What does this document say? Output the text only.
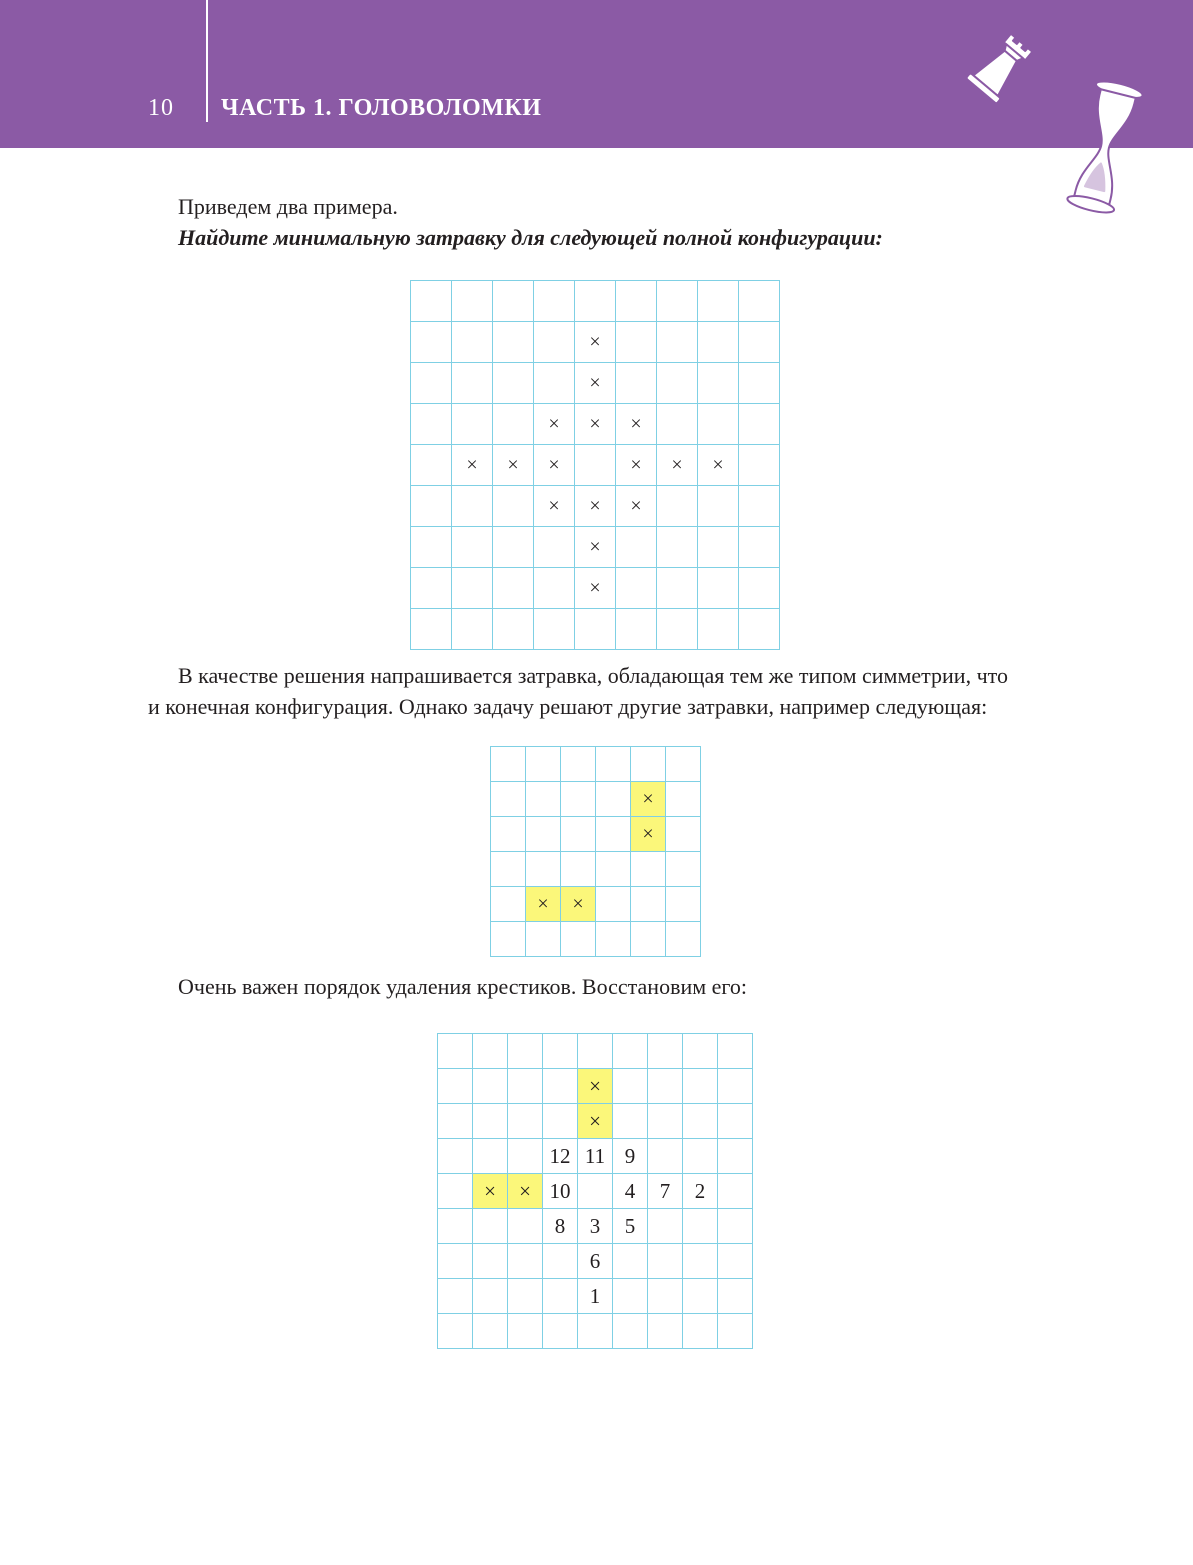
10 ЧАСТЬ 1. ГОЛОВОЛОМКИ

Приведем два примера.

Найдите минимальную затравку для следующей полной конфигурации:

				×				
				×				
			×	×	×			
	×	×	×		×	×	×	
			×	×	×			
				×				
				×				

В качестве решения напрашивается затравка, обладающая тем же типом симметрии, что

и конечная конфигурация. Однако задачу решают другие затравки, например следующая:

				×	
				×	

	×	×			

Очень важен порядок удаления крестиков. Восстановим его:

				×				
				×				
			12	11	9			
	×	×	10		4	7	2	
			8	3	5			
				6				
				1				
